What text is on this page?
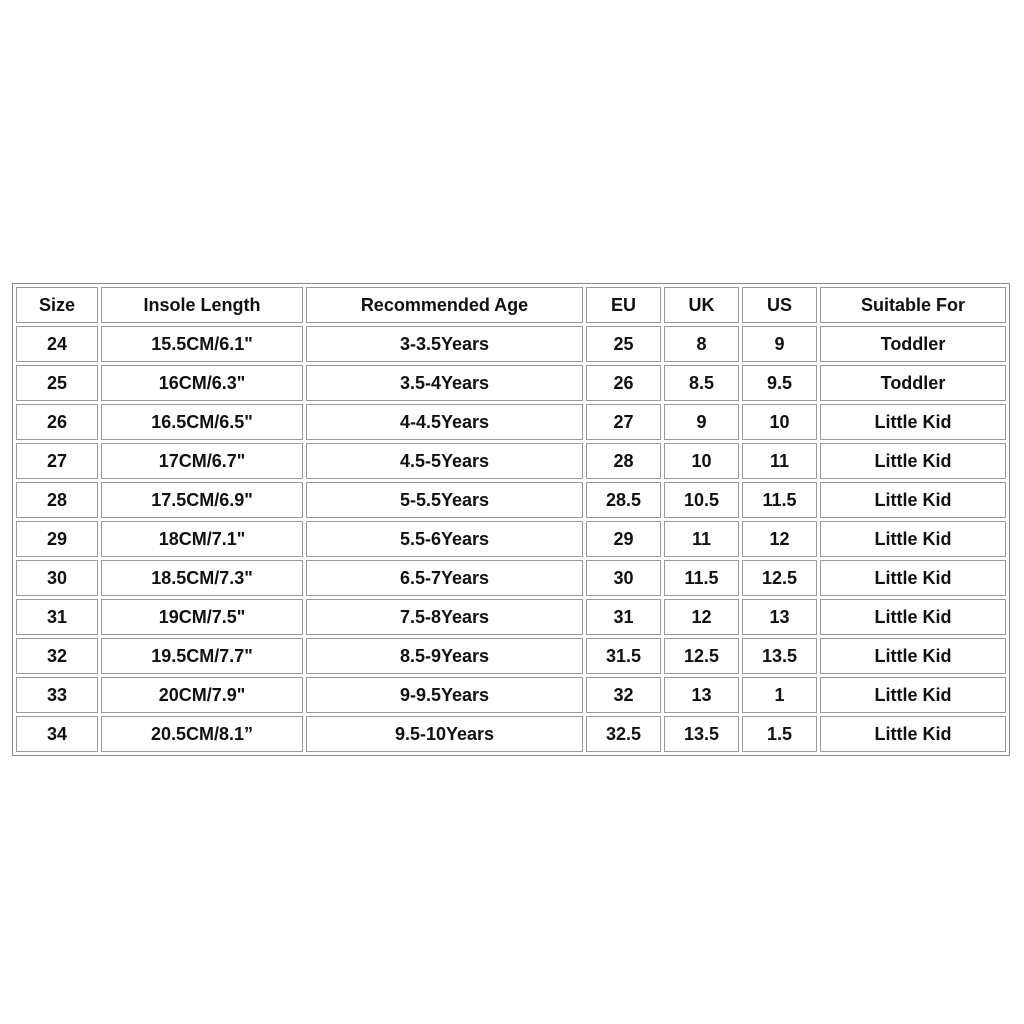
Size	Insole Length	Recommended Age	EU	UK	US	Suitable For
24	15.5CM/6.1"	3-3.5Years	25	8	9	Toddler
25	16CM/6.3"	3.5-4Years	26	8.5	9.5	Toddler
26	16.5CM/6.5"	4-4.5Years	27	9	10	Little Kid
27	17CM/6.7"	4.5-5Years	28	10	11	Little Kid
28	17.5CM/6.9"	5-5.5Years	28.5	10.5	11.5	Little Kid
29	18CM/7.1"	5.5-6Years	29	11	12	Little Kid
30	18.5CM/7.3"	6.5-7Years	30	11.5	12.5	Little Kid
31	19CM/7.5"	7.5-8Years	31	12	13	Little Kid
32	19.5CM/7.7"	8.5-9Years	31.5	12.5	13.5	Little Kid
33	20CM/7.9"	9-9.5Years	32	13	1	Little Kid
34	20.5CM/8.1”	9.5-10Years	32.5	13.5	1.5	Little Kid
